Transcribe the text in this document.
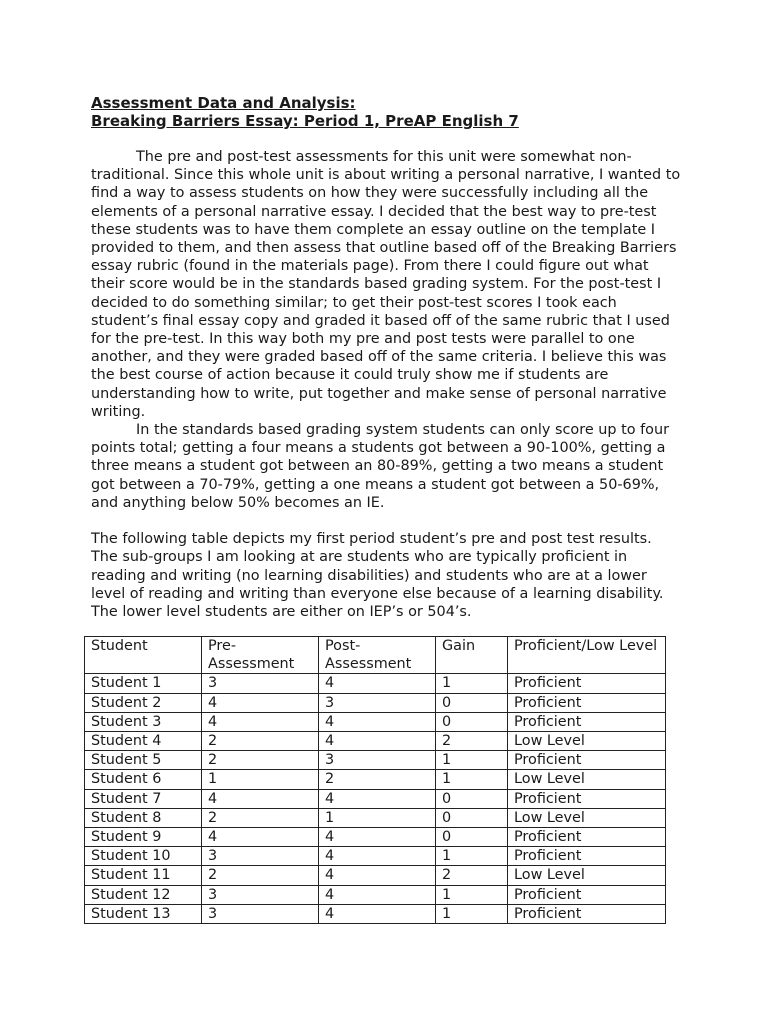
Assessment Data and Analysis:
Breaking Barriers Essay: Period 1, PreAP English 7

The pre and post-test assessments for this unit were somewhat non-traditional. Since this whole unit is about writing a personal narrative, I wanted to find a way to assess students on how they were successfully including all the elements of a personal narrative essay. I decided that the best way to pre-test these students was to have them complete an essay outline on the template I provided to them, and then assess that outline based off of the Breaking Barriers essay rubric (found in the materials page). From there I could figure out what their score would be in the standards based grading system. For the post-test I decided to do something similar; to get their post-test scores I took each student’s final essay copy and graded it based off of the same rubric that I used for the pre-test. In this way both my pre and post tests were parallel to one another, and they were graded based off of the same criteria. I believe this was the best course of action because it could truly show me if students are understanding how to write, put together and make sense of personal narrative writing.

In the standards based grading system students can only score up to four points total; getting a four means a students got between a 90-100%, getting a three means a student got between an 80-89%, getting a two means a student got between a 70-79%, getting a one means a student got between a 50-69%, and anything below 50% becomes an IE.

The following table depicts my first period student’s pre and post test results. The sub-groups I am looking at are students who are typically proficient in reading and writing (no learning disabilities) and students who are at a lower level of reading and writing than everyone else because of a learning disability. The lower level students are either on IEP’s or 504’s.

Student	Pre-Assessment	Post-Assessment	Gain	Proficient/Low Level
Student 1	3	4	1	Proficient
Student 2	4	3	0	Proficient
Student 3	4	4	0	Proficient
Student 4	2	4	2	Low Level
Student 5	2	3	1	Proficient
Student 6	1	2	1	Low Level
Student 7	4	4	0	Proficient
Student 8	2	1	0	Low Level
Student 9	4	4	0	Proficient
Student 10	3	4	1	Proficient
Student 11	2	4	2	Low Level
Student 12	3	4	1	Proficient
Student 13	3	4	1	Proficient
